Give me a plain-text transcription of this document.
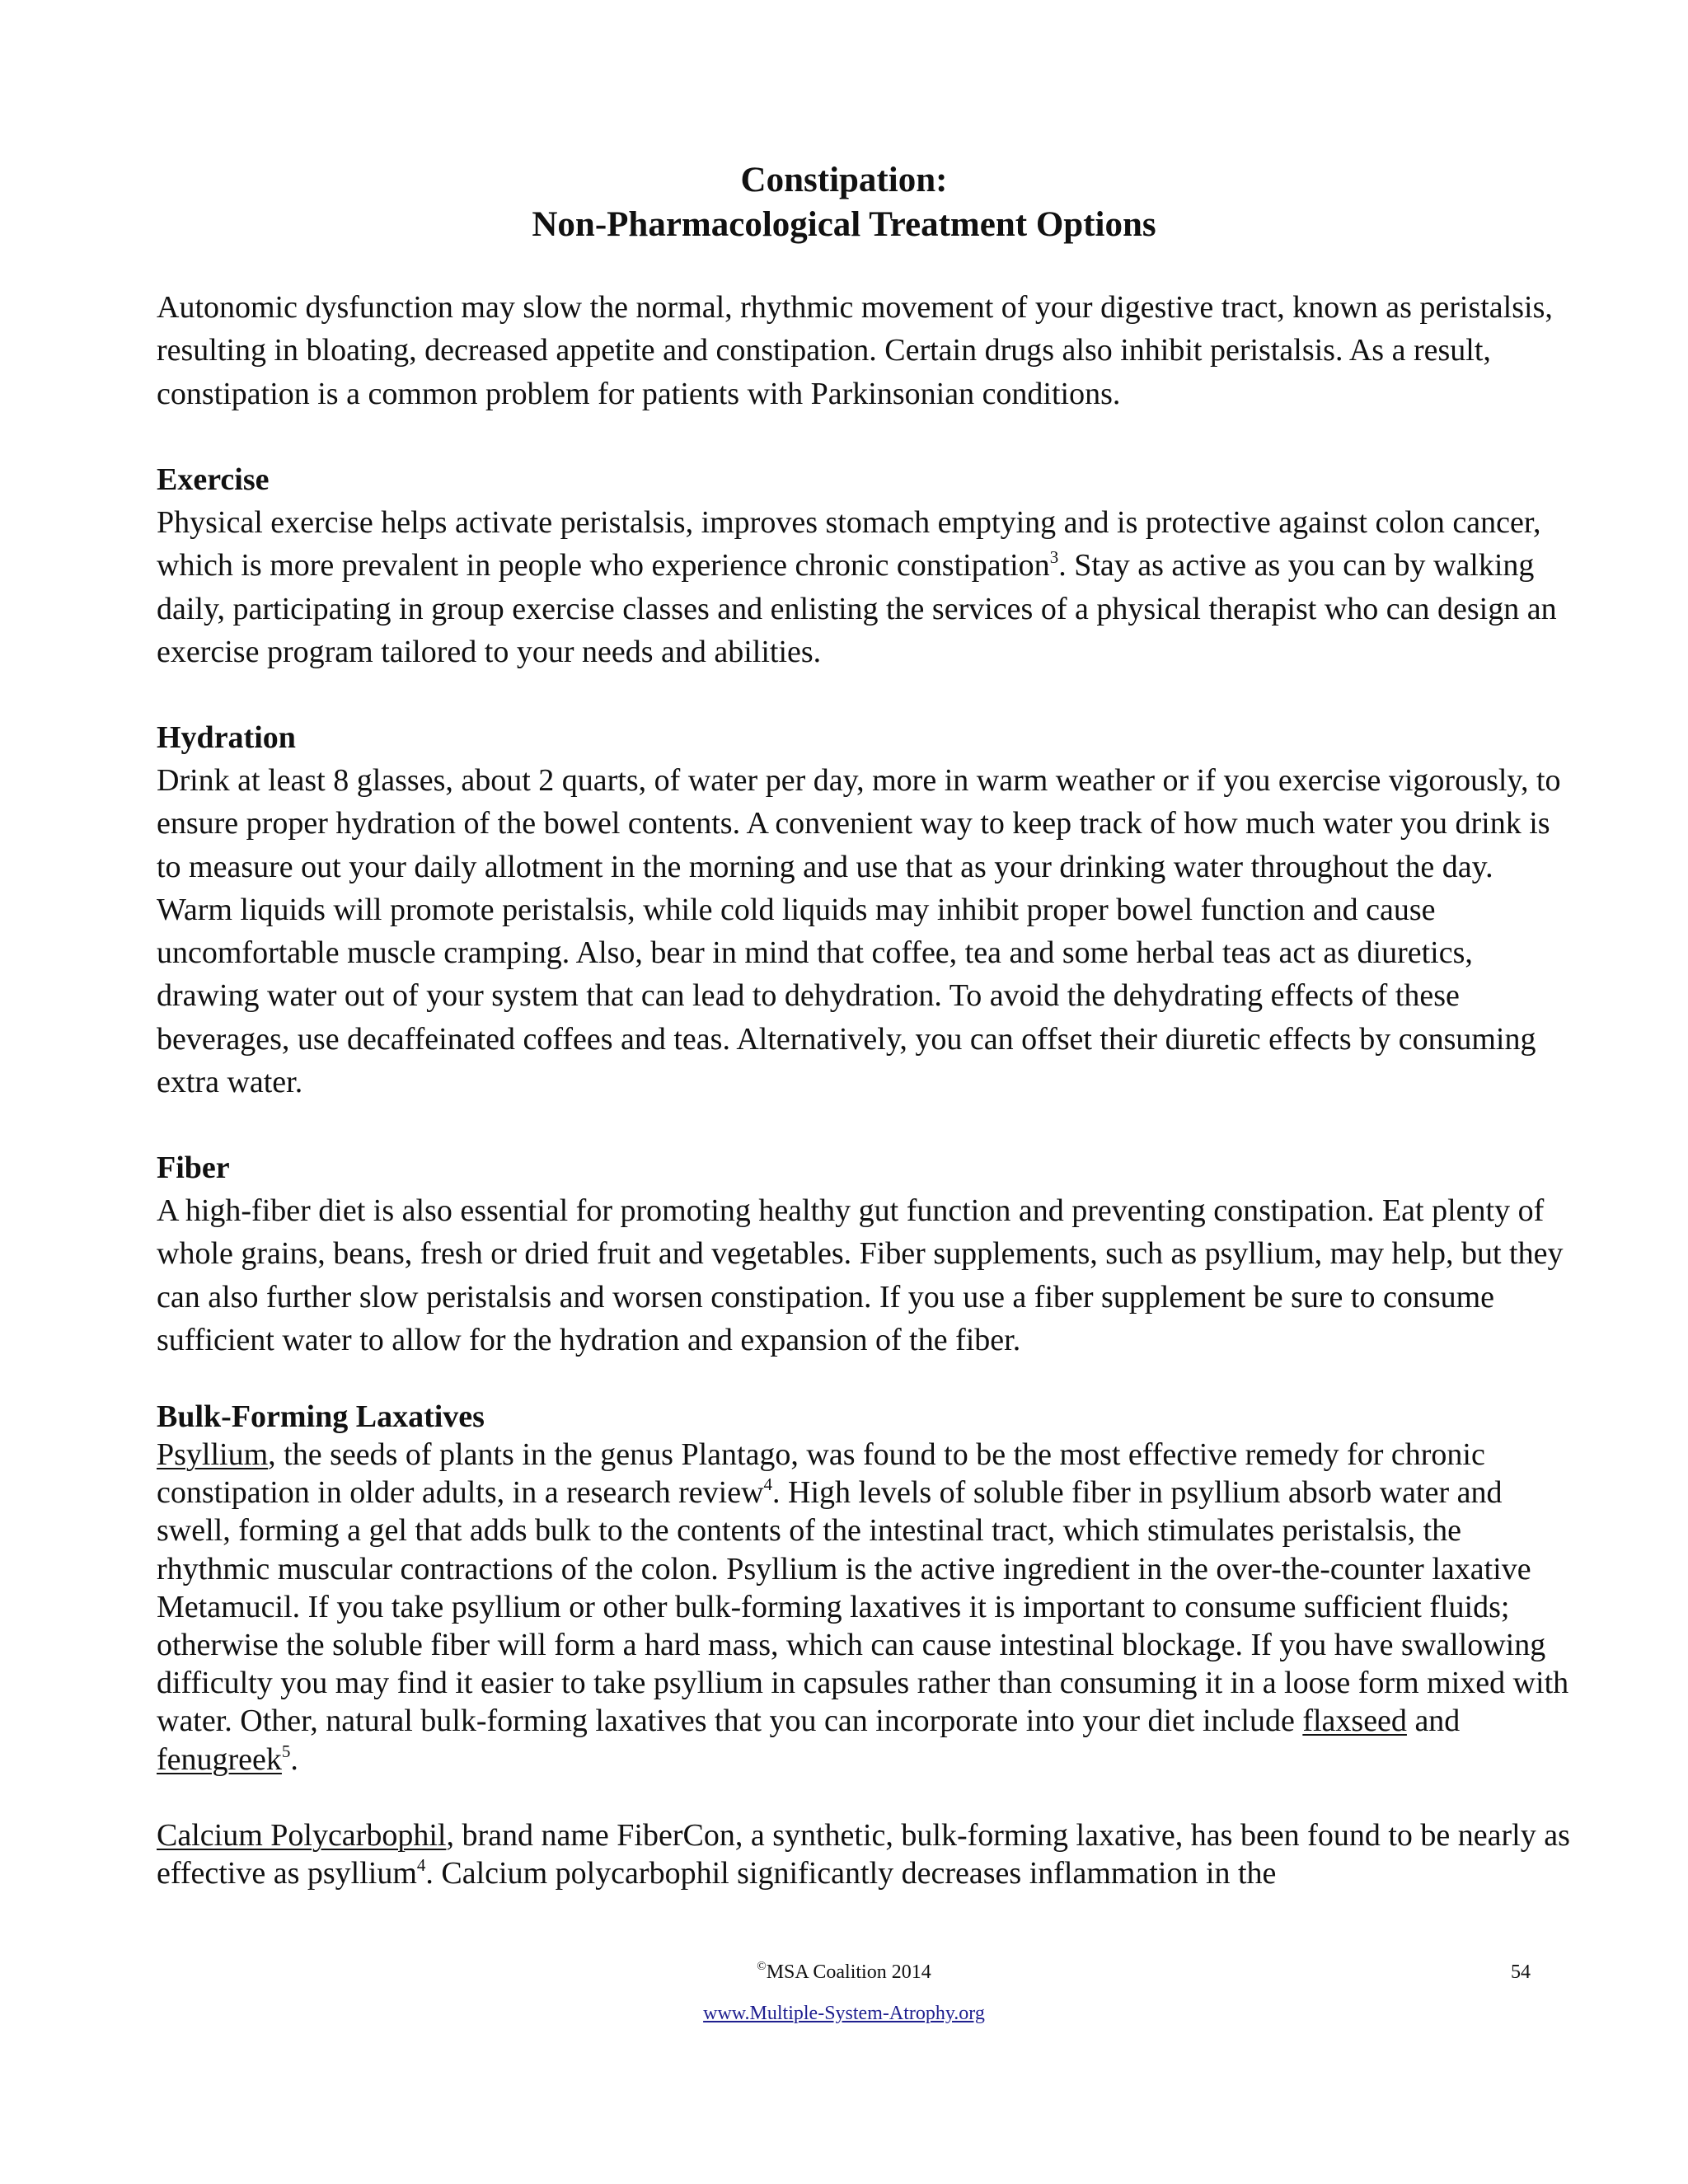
Constipation:
Non-Pharmacological Treatment Options

Autonomic dysfunction may slow the normal, rhythmic movement of your digestive tract, known as peristalsis, resulting in bloating, decreased appetite and constipation. Certain drugs also inhibit peristalsis. As a result, constipation is a common problem for patients with Parkinsonian conditions.

Exercise

Physical exercise helps activate peristalsis, improves stomach emptying and is protective against colon cancer, which is more prevalent in people who experience chronic constipation$^3$. Stay as active as you can by walking daily, participating in group exercise classes and enlisting the services of a physical therapist who can design an exercise program tailored to your needs and abilities.

Hydration

Drink at least 8 glasses, about 2 quarts, of water per day, more in warm weather or if you exercise vigorously, to ensure proper hydration of the bowel contents. A convenient way to keep track of how much water you drink is to measure out your daily allotment in the morning and use that as your drinking water throughout the day. Warm liquids will promote peristalsis, while cold liquids may inhibit proper bowel function and cause uncomfortable muscle cramping. Also, bear in mind that coffee, tea and some herbal teas act as diuretics, drawing water out of your system that can lead to dehydration. To avoid the dehydrating effects of these beverages, use decaffeinated coffees and teas. Alternatively, you can offset their diuretic effects by consuming extra water.

Fiber

A high-fiber diet is also essential for promoting healthy gut function and preventing constipation. Eat plenty of whole grains, beans, fresh or dried fruit and vegetables. Fiber supplements, such as psyllium, may help, but they can also further slow peristalsis and worsen constipation. If you use a fiber supplement be sure to consume sufficient water to allow for the hydration and expansion of the fiber.

Bulk-Forming Laxatives

Psyllium, the seeds of plants in the genus Plantago, was found to be the most effective remedy for chronic constipation in older adults, in a research review$^4$. High levels of soluble fiber in psyllium absorb water and swell, forming a gel that adds bulk to the contents of the intestinal tract, which stimulates peristalsis, the rhythmic muscular contractions of the colon. Psyllium is the active ingredient in the over-the-counter laxative Metamucil. If you take psyllium or other bulk-forming laxatives it is important to consume sufficient fluids; otherwise the soluble fiber will form a hard mass, which can cause intestinal blockage. If you have swallowing difficulty you may find it easier to take psyllium in capsules rather than consuming it in a loose form mixed with water. Other, natural bulk-forming laxatives that you can incorporate into your diet include flaxseed and fenugreek$^5$.

Calcium Polycarbophil, brand name FiberCon, a synthetic, bulk-forming laxative, has been found to be nearly as effective as psyllium$^4$. Calcium polycarbophil significantly decreases inflammation in the

©MSA Coalition 2014	54
www.Multiple-System-Atrophy.org
